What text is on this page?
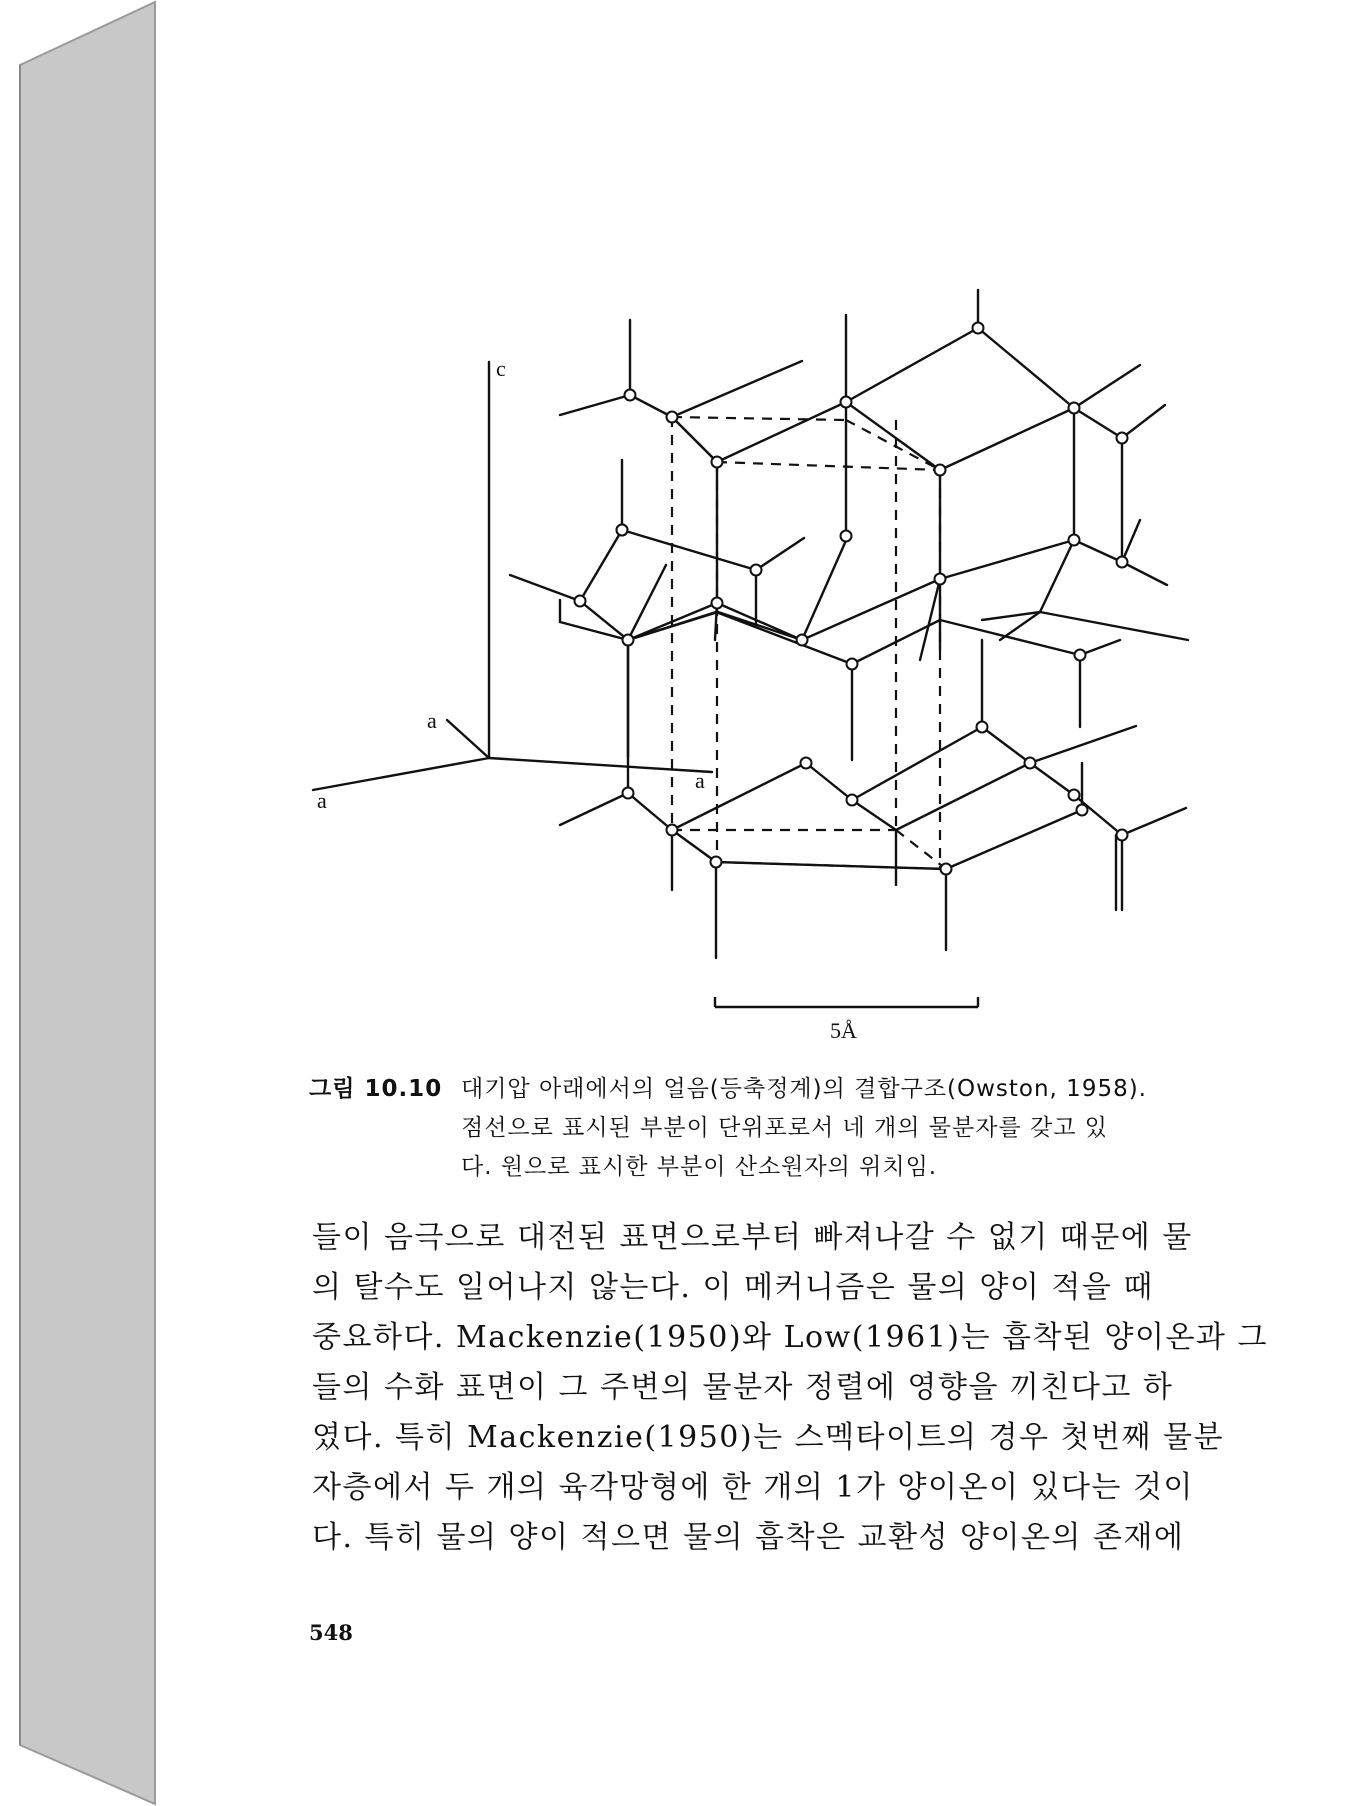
c
a
a
a
5Å
그림 10.10 대기압 아래에서의 얼음(등축정계)의 결합구조(Owston, 1958).
점선으로 표시된 부분이 단위포로서 네 개의 물분자를 갖고 있
다. 원으로 표시한 부분이 산소원자의 위치임.
들이 음극으로 대전된 표면으로부터 빠져나갈 수 없기 때문에 물
의 탈수도 일어나지 않는다. 이 메커니즘은 물의 양이 적을 때
중요하다. Mackenzie(1950)와 Low(1961)는 흡착된 양이온과 그
들의 수화 표면이 그 주변의 물분자 정렬에 영향을 끼친다고 하
였다. 특히 Mackenzie(1950)는 스멕타이트의 경우 첫번째 물분
자층에서 두 개의 육각망형에 한 개의 1가 양이온이 있다는 것이
다. 특히 물의 양이 적으면 물의 흡착은 교환성 양이온의 존재에
548
